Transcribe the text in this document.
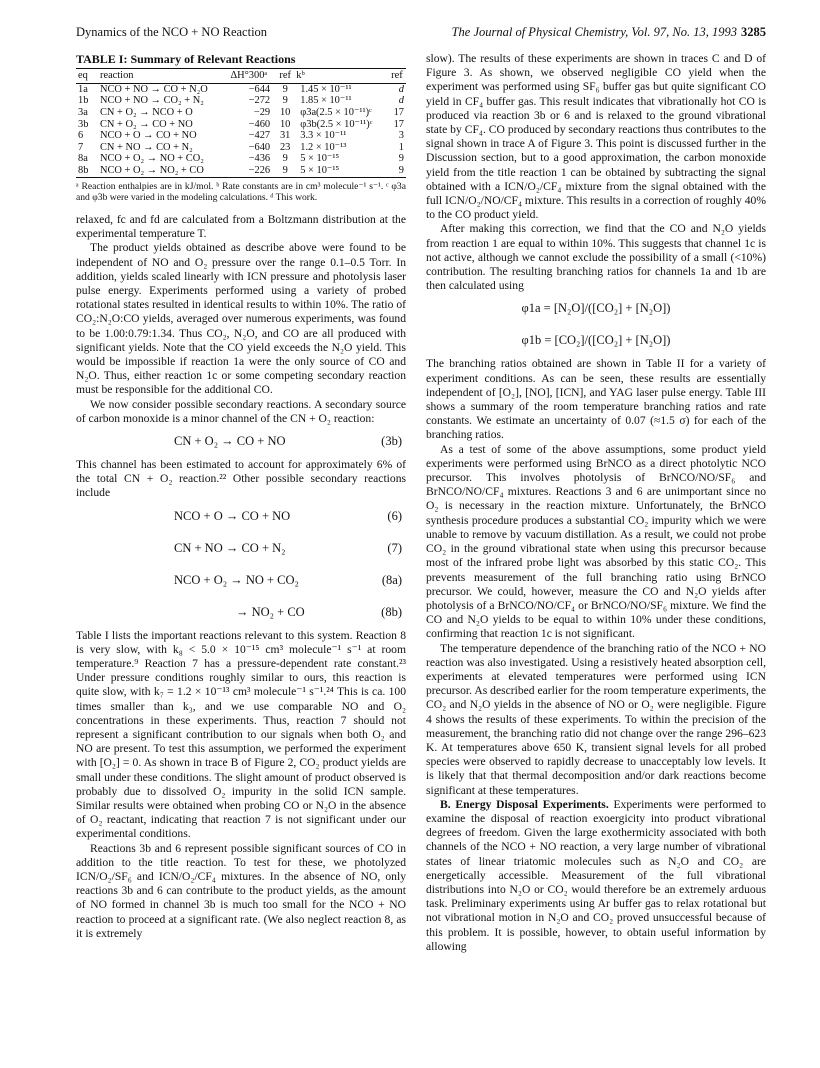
Dynamics of the NCO + NO Reaction	The Journal of Physical Chemistry, Vol. 97, No. 13, 1993 3285
TABLE I: Summary of Relevant Reactions
eq	reaction	ΔH°300ᵃ	ref	kᵇ	ref
1a	NCO + NO → CO + N₂O	−644	9	1.45 × 10⁻¹¹	d
1b	NCO + NO → CO₂ + N₂	−272	9	1.85 × 10⁻¹¹	d
3a	CN + O₂ → NCO + O	−29	10	φ3a(2.5 × 10⁻¹¹)ᶜ	17
3b	CN + O₂ → CO + NO	−460	10	φ3b(2.5 × 10⁻¹¹)ᶜ	17
6	NCO + O → CO + NO	−427	31	3.3 × 10⁻¹¹	3
7	CN + NO → CO + N₂	−640	23	1.2 × 10⁻¹³	1
8a	NCO + O₂ → NO + CO₂	−436	9	5 × 10⁻¹⁵	9
8b	NCO + O₂ → NO₂ + CO	−226	9	5 × 10⁻¹⁵	9
ᵃ Reaction enthalpies are in kJ/mol. ᵇ Rate constants are in cm³ molecule⁻¹ s⁻¹. ᶜ φ3a and φ3b were varied in the modeling calculations. ᵈ This work.

relaxed, fc and fd are calculated from a Boltzmann distribution at the experimental temperature T.

The product yields obtained as describe above were found to be independent of NO and O₂ pressure over the range 0.1–0.5 Torr. In addition, yields scaled linearly with ICN pressure and photolysis laser pulse energy. Experiments performed using a variety of probed rotational states resulted in identical results to within 10%. The ratio of CO₂:N₂O:CO yields, averaged over numerous experiments, was found to be 1.00:0.79:1.34. Thus CO₂, N₂O, and CO are all produced with significant yields. Note that the CO yield exceeds the N₂O yield. This would be impossible if reaction 1a were the only source of CO and N₂O. Thus, either reaction 1c or some competing secondary reaction must be responsible for the additional CO.

We now consider possible secondary reactions. A secondary source of carbon monoxide is a minor channel of the CN + O₂ reaction:

CN + O₂ → CO + NO	(3b)

This channel has been estimated to account for approximately 6% of the total CN + O₂ reaction.²² Other possible secondary reactions include

NCO + O → CO + NO	(6)
CN + NO → CO + N₂	(7)
NCO + O₂ → NO + CO₂	(8a)
→ NO₂ + CO	(8b)

Table I lists the important reactions relevant to this system. Reaction 8 is very slow, with k₈ < 5.0 × 10⁻¹⁵ cm³ molecule⁻¹ s⁻¹ at room temperature.⁹ Reaction 7 has a pressure-dependent rate constant.²³ Under pressure conditions roughly similar to ours, this reaction is quite slow, with k₇ = 1.2 × 10⁻¹³ cm³ molecule⁻¹ s⁻¹.²⁴ This is ca. 100 times smaller than k₃, and we use comparable NO and O₂ concentrations in these experiments. Thus, reaction 7 should not represent a significant contribution to our signals when both O₂ and NO are present. To test this assumption, we performed the experiment with [O₂] = 0. As shown in trace B of Figure 2, CO₂ product yields are small under these conditions. The slight amount of product observed is probably due to dissolved O₂ impurity in the solid ICN sample. Similar results were obtained when probing CO or N₂O in the absence of O₂ reactant, indicating that reaction 7 is not significant under our experimental conditions.

Reactions 3b and 6 represent possible significant sources of CO in addition to the title reaction. To test for these, we photolyzed ICN/O₂/SF₆ and ICN/O₂/CF₄ mixtures. In the absence of NO, only reactions 3b and 6 can contribute to the product yields, as the amount of NO formed in channel 3b is much too small for the NCO + NO reaction to proceed at a significant rate. (We also neglect reaction 8, as it is extremely

slow). The results of these experiments are shown in traces C and D of Figure 3. As shown, we observed negligible CO yield when the experiment was performed using SF₆ buffer gas but quite significant CO yield in CF₄ buffer gas. This result indicates that vibrationally hot CO is produced via reaction 3b or 6 and is relaxed to the ground vibrational state by CF₄. CO produced by secondary reactions thus contributes to the signal shown in trace A of Figure 3. This point is discussed further in the Discussion section, but to a good approximation, the carbon monoxide yield from the title reaction 1 can be obtained by subtracting the signal obtained with a ICN/O₂/CF₄ mixture from the signal obtained with the full ICN/O₂/NO/CF₄ mixture. This results in a correction of roughly 40% to the CO product yield.

After making this correction, we find that the CO and N₂O yields from reaction 1 are equal to within 10%. This suggests that channel 1c is not active, although we cannot exclude the possibility of a small (<10%) contribution. The resulting branching ratios for channels 1a and 1b are then calculated using

φ1a = [N₂O]/([CO₂] + [N₂O])
φ1b = [CO₂]/([CO₂] + [N₂O])

The branching ratios obtained are shown in Table II for a variety of experiment conditions. As can be seen, these results are essentially independent of [O₂], [NO], [ICN], and YAG laser pulse energy. Table III shows a summary of the room temperature branching ratios and rate constants. We estimate an uncertainty of 0.07 (≈1.5 σ) for each of the branching ratios.

As a test of some of the above assumptions, some product yield experiments were performed using BrNCO as a direct photolytic NCO precursor. This involves photolysis of BrNCO/NO/SF₆ and BrNCO/NO/CF₄ mixtures. Reactions 3 and 6 are unimportant since no O₂ is necessary in the reaction mixture. Unfortunately, the BrNCO synthesis procedure produces a substantial CO₂ impurity which we were unable to remove by vacuum distillation. As a result, we could not probe CO₂ in the ground vibrational state when using this precursor because most of the infrared probe light was absorbed by this static CO₂. This prevents measurement of the full branching ratio using BrNCO precursor. We could, however, measure the CO and N₂O yields after photolysis of a BrNCO/NO/CF₄ or BrNCO/NO/SF₆ mixture. We find the CO and N₂O yields to be equal to within 10% under these conditions, confirming that reaction 1c is not significant.

The temperature dependence of the branching ratio of the NCO + NO reaction was also investigated. Using a resistively heated absorption cell, experiments at elevated temperatures were performed using ICN precursor. As described earlier for the room temperature experiments, the CO₂ and N₂O yields in the absence of NO or O₂ were negligible. Figure 4 shows the results of these experiments. To within the precision of the measurement, the branching ratio did not change over the range 296–623 K. At temperatures above 650 K, transient signal levels for all probed species were observed to rapidly decrease to unacceptably low levels. It is likely that that thermal decomposition and/or dark reactions become significant at these temperatures.

B. Energy Disposal Experiments. Experiments were performed to examine the disposal of reaction exoergicity into product vibrational degrees of freedom. Given the large exothermicity associated with both channels of the NCO + NO reaction, a very large number of vibrational states of linear triatomic molecules such as N₂O and CO₂ are energetically accessible. Measurement of the full vibrational distributions into N₂O or CO₂ would therefore be an extremely arduous task. Preliminary experiments using Ar buffer gas to relax rotational but not vibrational motion in N₂O and CO₂ proved unsuccessful because of this problem. It is possible, however, to obtain useful information by allowing
